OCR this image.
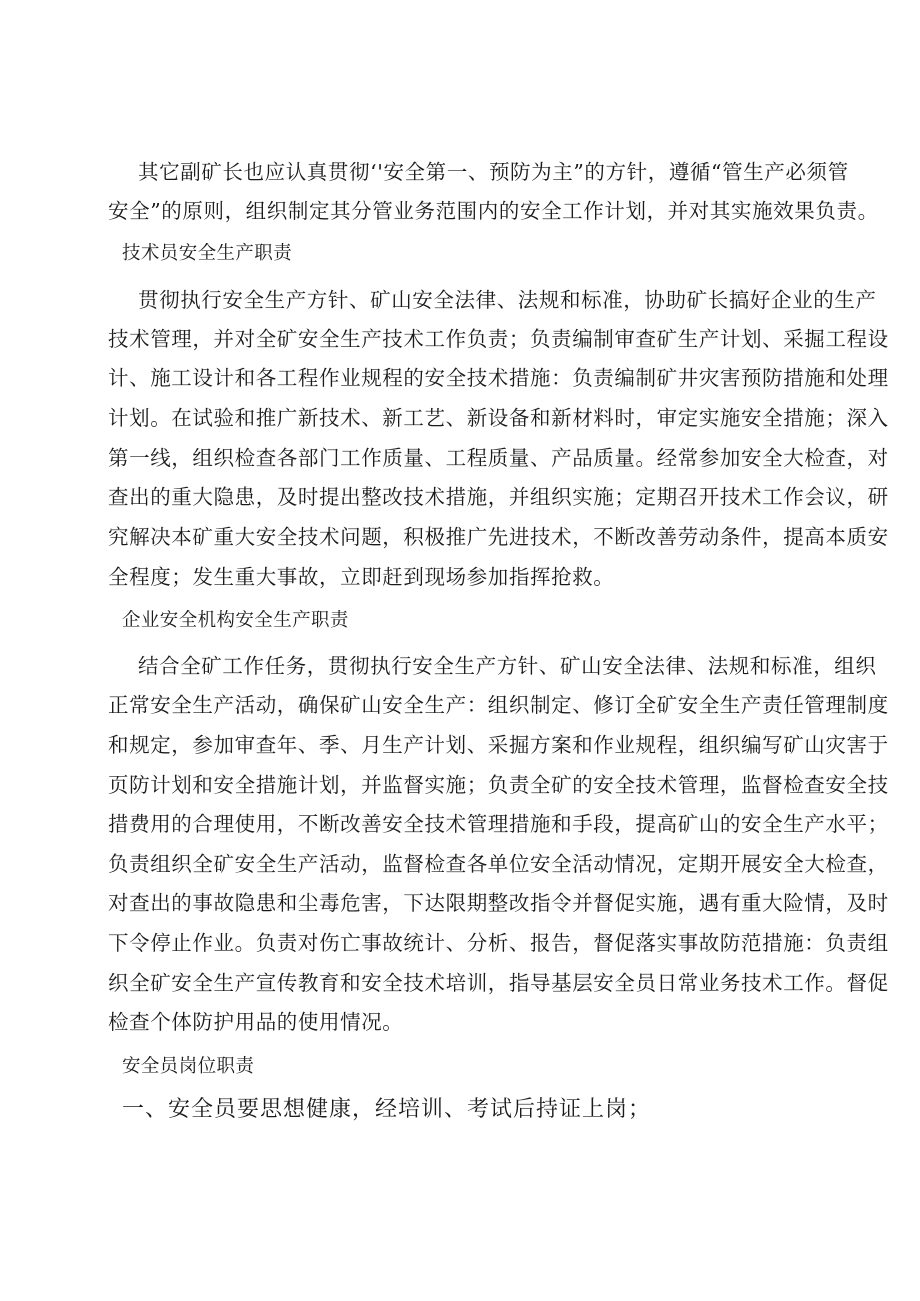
其它副矿长也应认真贯彻‘'安全第一、预防为主”的方针，遵循“管生产必须管
安全”的原则，组织制定其分管业务范围内的安全工作计划，并对其实施效果负责。
技术员安全生产职责
贯彻执行安全生产方针、矿山安全法律、法规和标准，协助矿长搞好企业的生产
技术管理，并对全矿安全生产技术工作负责；负责编制审查矿生产计划、采掘工程设
计、施工设计和各工程作业规程的安全技术措施：负责编制矿井灾害预防措施和处理
计划。在试验和推广新技术、新工艺、新设备和新材料时，审定实施安全措施；深入
第一线，组织检查各部门工作质量、工程质量、产品质量。经常参加安全大检查，对
查出的重大隐患，及时提出整改技术措施，并组织实施；定期召开技术工作会议，研
究解决本矿重大安全技术问题，积极推广先进技术，不断改善劳动条件，提高本质安
全程度；发生重大事故，立即赶到现场参加指挥抢救。
企业安全机构安全生产职责
结合全矿工作任务，贯彻执行安全生产方针、矿山安全法律、法规和标准，组织
正常安全生产活动，确保矿山安全生产：组织制定、修订全矿安全生产责任管理制度
和规定，参加审查年、季、月生产计划、采掘方案和作业规程，组织编写矿山灾害于
页防计划和安全措施计划，并监督实施；负责全矿的安全技术管理，监督检查安全技
措费用的合理使用，不断改善安全技术管理措施和手段，提高矿山的安全生产水平；
负责组织全矿安全生产活动，监督检查各单位安全活动情况，定期开展安全大检查，
对查出的事故隐患和尘毒危害，下达限期整改指令并督促实施，遇有重大险情，及时
下令停止作业。负责对伤亡事故统计、分析、报告，督促落实事故防范措施：负责组
织全矿安全生产宣传教育和安全技术培训，指导基层安全员日常业务技术工作。督促
检查个体防护用品的使用情况。
安全员岗位职责
一、安全员要思想健康，经培训、考试后持证上岗；
